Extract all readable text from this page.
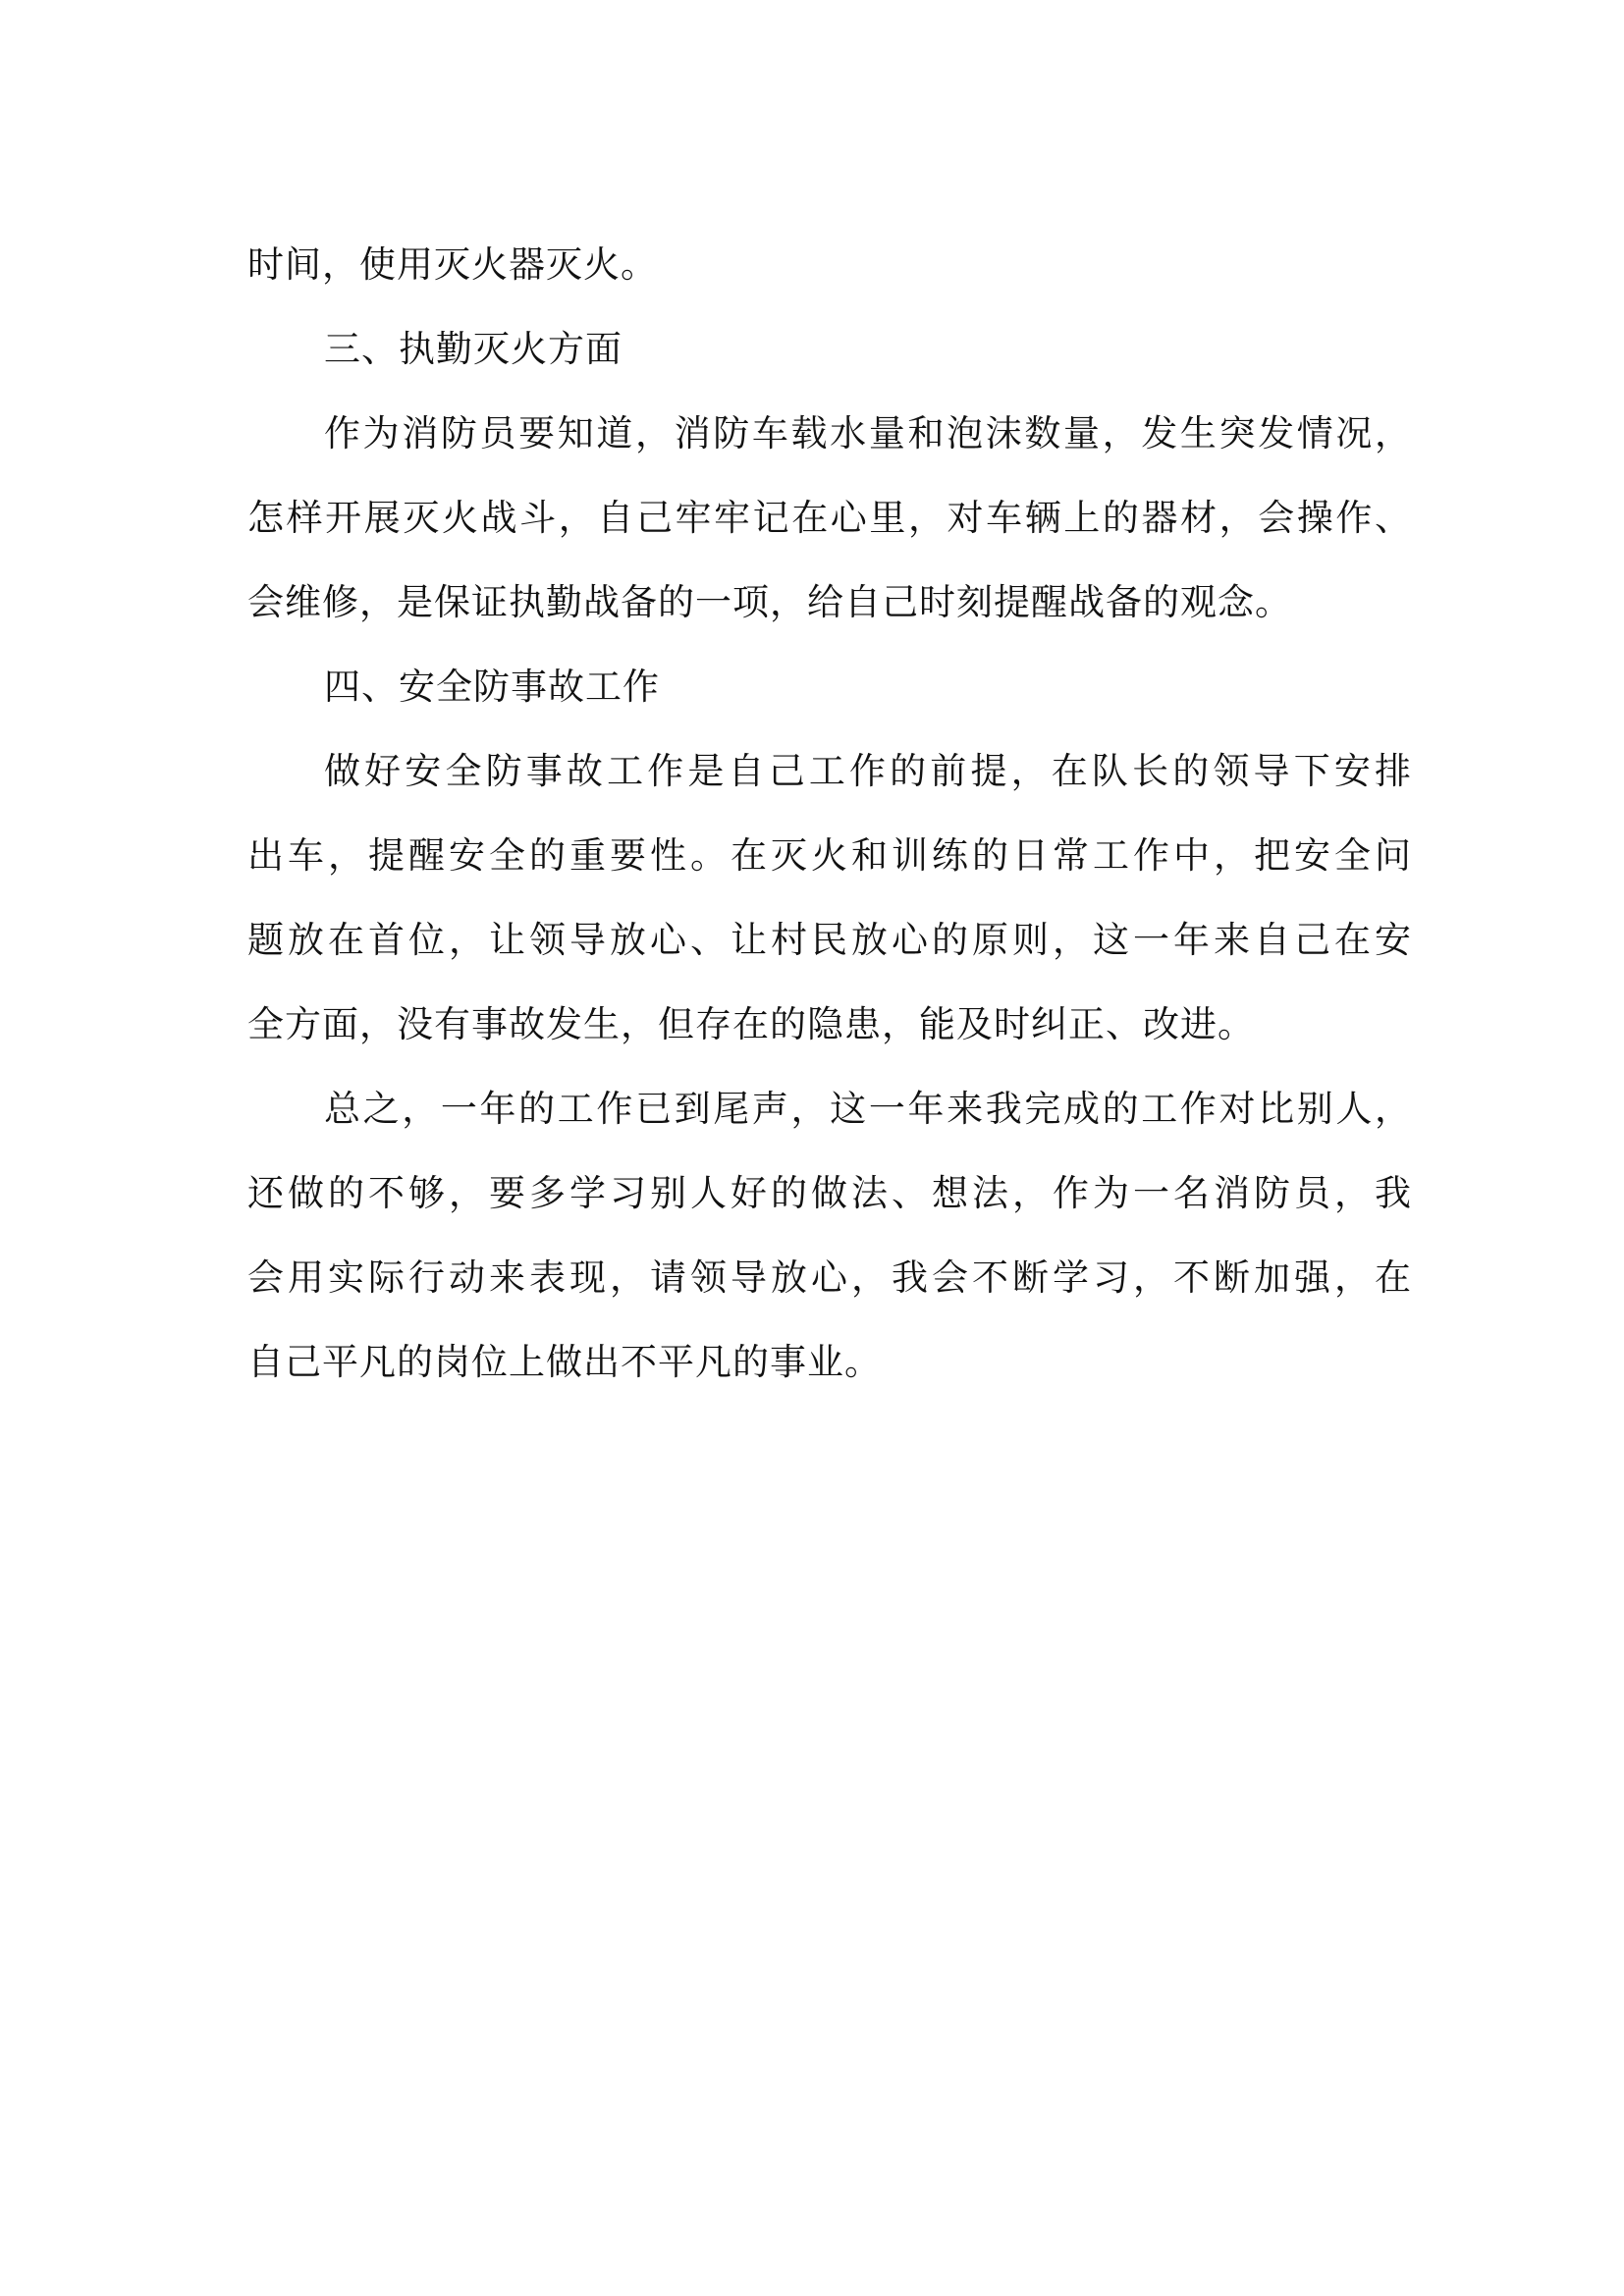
时间，使用灭火器灭火。
三、执勤灭火方面
作为消防员要知道，消防车载水量和泡沫数量，发生突发情况，
怎样开展灭火战斗，自己牢牢记在心里，对车辆上的器材，会操作、
会维修，是保证执勤战备的一项，给自己时刻提醒战备的观念。
四、安全防事故工作
做好安全防事故工作是自己工作的前提，在队长的领导下安排
出车，提醒安全的重要性。在灭火和训练的日常工作中，把安全问
题放在首位，让领导放心、让村民放心的原则，这一年来自己在安
全方面，没有事故发生，但存在的隐患，能及时纠正、改进。
总之，一年的工作已到尾声，这一年来我完成的工作对比别人，
还做的不够，要多学习别人好的做法、想法，作为一名消防员，我
会用实际行动来表现，请领导放心，我会不断学习，不断加强，在
自己平凡的岗位上做出不平凡的事业。
